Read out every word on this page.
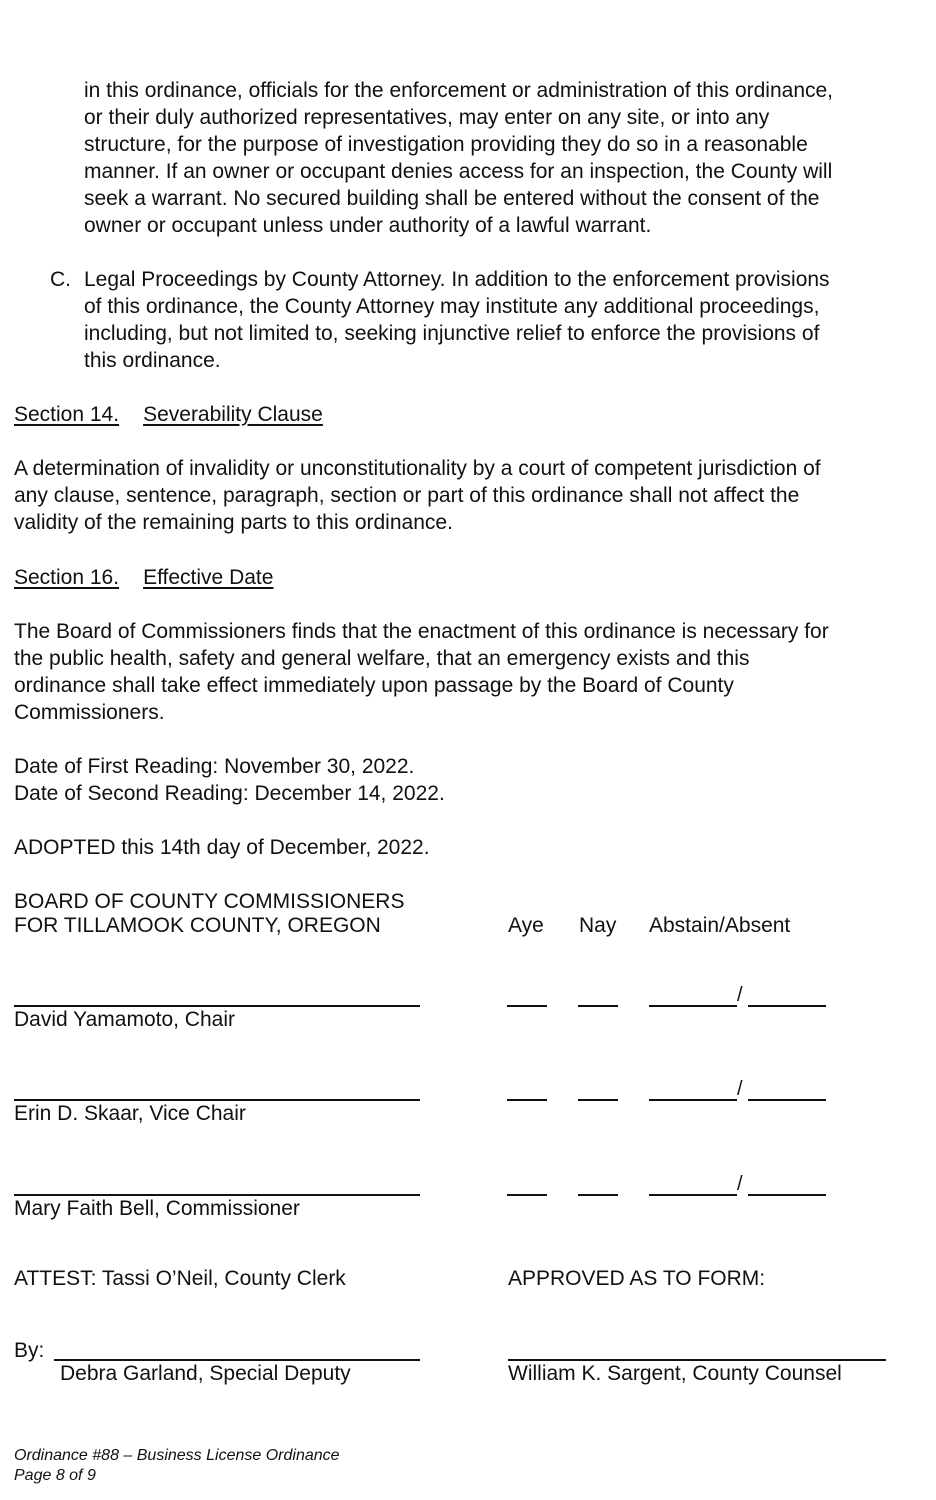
in this ordinance, officials for the enforcement or administration of this ordinance,
or their duly authorized representatives, may enter on any site, or into any
structure, for the purpose of investigation providing they do so in a reasonable
manner. If an owner or occupant denies access for an inspection, the County will
seek a warrant. No secured building shall be entered without the consent of the
owner or occupant unless under authority of a lawful warrant.
C. Legal Proceedings by County Attorney. In addition to the enforcement provisions
of this ordinance, the County Attorney may institute any additional proceedings,
including, but not limited to, seeking injunctive relief to enforce the provisions of
this ordinance.
Section 14. Severability Clause
A determination of invalidity or unconstitutionality by a court of competent jurisdiction of
any clause, sentence, paragraph, section or part of this ordinance shall not affect the
validity of the remaining parts to this ordinance.
Section 16. Effective Date
The Board of Commissioners finds that the enactment of this ordinance is necessary for
the public health, safety and general welfare, that an emergency exists and this
ordinance shall take effect immediately upon passage by the Board of County
Commissioners.
Date of First Reading: November 30, 2022.
Date of Second Reading: December 14, 2022.
ADOPTED this 14th day of December, 2022.
BOARD OF COUNTY COMMISSIONERS
FOR TILLAMOOK COUNTY, OREGON	Aye Nay Abstain/Absent
/
David Yamamoto, Chair
/
Erin D. Skaar, Vice Chair
/
Mary Faith Bell, Commissioner
ATTEST: Tassi O’Neil, County Clerk	APPROVED AS TO FORM:
By:
Debra Garland, Special Deputy	William K. Sargent, County Counsel
Ordinance #88 – Business License Ordinance
Page 8 of 9
